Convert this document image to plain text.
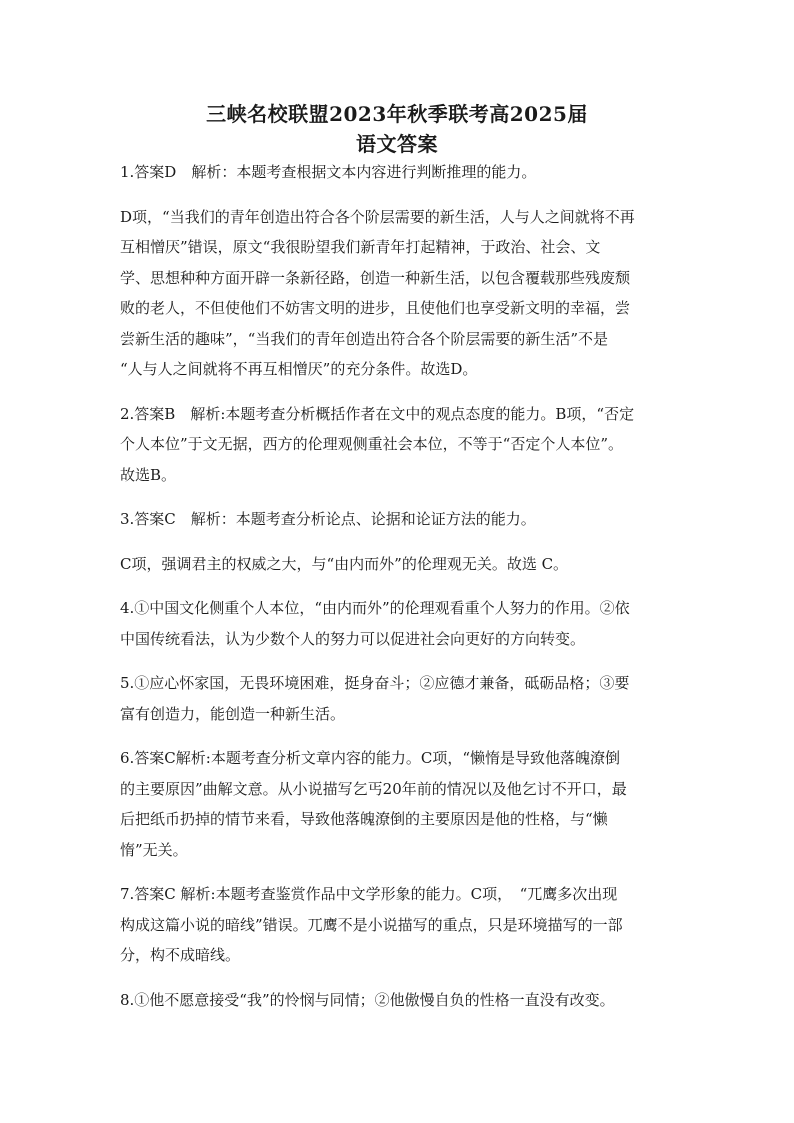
三峡名校联盟2023年秋季联考高2025届
语文答案
1.答案D　解析：本题考查根据文本内容进行判断推理的能力。
D项，“当我们的青年创造出符合各个阶层需要的新生活，人与人之间就将不再
互相憎厌”错误，原文“我很盼望我们新青年打起精神，于政治、社会、文
学、思想种种方面开辟一条新径路，创造一种新生活，以包含覆载那些残废颓
败的老人，不但使他们不妨害文明的进步，且使他们也享受新文明的幸福，尝
尝新生活的趣味”，“当我们的青年创造出符合各个阶层需要的新生活”不是
“人与人之间就将不再互相憎厌”的充分条件。故选D。
2.答案B　解析:本题考查分析概括作者在文中的观点态度的能力。B项，“否定
个人本位”于文无据，西方的伦理观侧重社会本位，不等于“否定个人本位”。
故选B。
3.答案C　解析：本题考查分析论点、论据和论证方法的能力。
C项，强调君主的权威之大，与“由内而外”的伦理观无关。故选 C。
4.①中国文化侧重个人本位，“由内而外”的伦理观看重个人努力的作用。②依
中国传统看法，认为少数个人的努力可以促进社会向更好的方向转变。
5.①应心怀家国，无畏环境困难，挺身奋斗；②应德才兼备，砥砺品格；③要
富有创造力，能创造一种新生活。
6.答案C解析:本题考查分析文章内容的能力。C项，“懒惰是导致他落魄潦倒
的主要原因”曲解文意。从小说描写乞丐20年前的情况以及他乞讨不开口，最
后把纸币扔掉的情节来看，导致他落魄潦倒的主要原因是他的性格，与“懒
惰”无关。
7.答案C 解析:本题考查鉴赏作品中文学形象的能力。C项，　“兀鹰多次出现
构成这篇小说的暗线”错误。兀鹰不是小说描写的重点，只是环境描写的一部
分，构不成暗线。
8.①他不愿意接受“我”的怜悯与同情；②他傲慢自负的性格一直没有改变。
